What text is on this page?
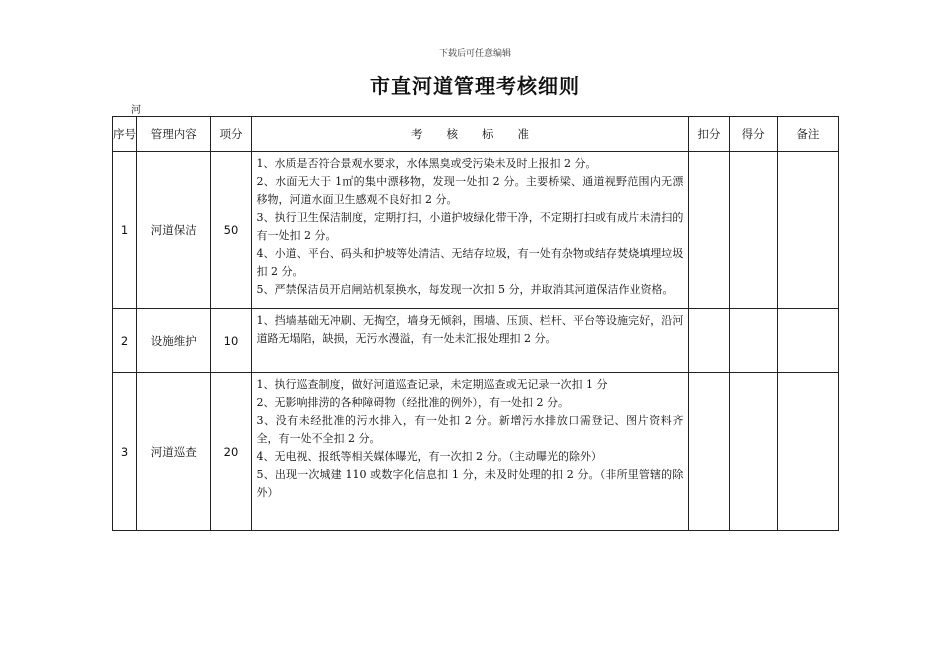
下载后可任意编辑
市直河道管理考核细则
河
序号	管理内容	项分	考 核 标 准	扣分	得分	备注
1	河道保洁	50	1、水质是否符合景观水要求，水体黑臭或受污染未及时上报扣 2 分。
2、水面无大于 1㎡的集中漂移物，发现一处扣 2 分。主要桥梁、通道视野范围内无漂移物，河道水面卫生感观不良好扣 2 分。
3、执行卫生保洁制度，定期打扫，小道护坡绿化带干净，不定期打扫或有成片未清扫的有一处扣 2 分。
4、小道、平台、码头和护坡等处清洁、无结存垃圾，有一处有杂物或结存焚烧填埋垃圾扣 2 分。
5、严禁保洁员开启闸站机泵换水，每发现一次扣 5 分，并取消其河道保洁作业资格。			

2	设施维护	10	1、挡墙基础无冲刷、无掏空，墙身无倾斜，围墙、压顶、栏杆、平台等设施完好，沿河道路无塌陷，缺损，无污水漫溢，有一处未汇报处理扣 2 分。			

3	河道巡查	20	1、执行巡查制度，做好河道巡查记录，未定期巡查或无记录一次扣 1 分
2、无影响排涝的各种障碍物（经批准的例外），有一处扣 2 分。
3、没有未经批准的污水排入，有一处扣 2 分。新增污水排放口需登记、图片资料齐全，有一处不全扣 2 分。
4、无电视、报纸等相关媒体曝光，有一次扣 2 分。（主动曝光的除外）
5、出现一次城建 110 或数字化信息扣 1 分，未及时处理的扣 2 分。（非所里管辖的除外）			
